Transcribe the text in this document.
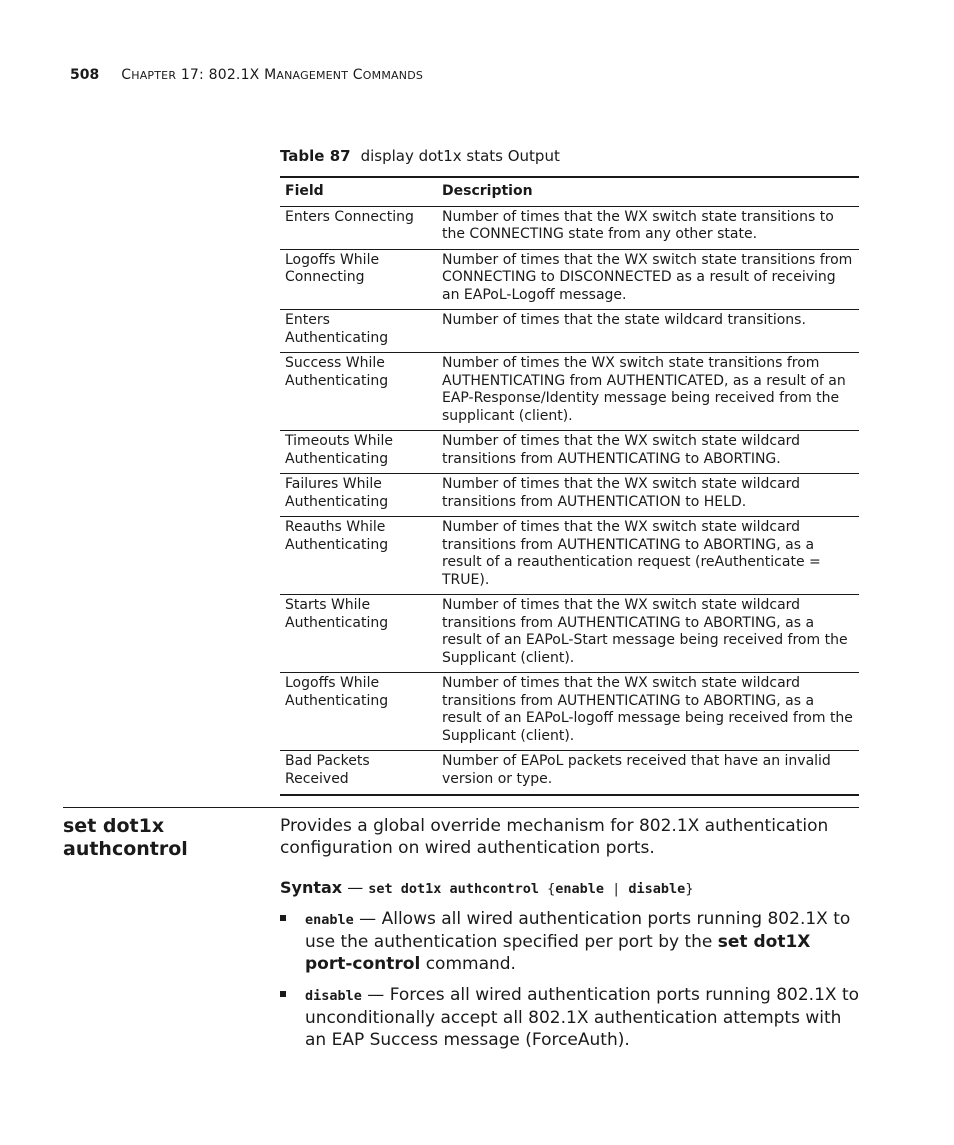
508 CHAPTER 17: 802.1X MANAGEMENT COMMANDS
Table 87 display dot1x stats Output
Field	Description
Enters Connecting	Number of times that the WX switch state transitions to the CONNECTING state from any other state.
Logoffs While Connecting	Number of times that the WX switch state transitions from CONNECTING to DISCONNECTED as a result of receiving an EAPoL-Logoff message.
Enters Authenticating	Number of times that the state wildcard transitions.
Success While Authenticating	Number of times the WX switch state transitions from AUTHENTICATING from AUTHENTICATED, as a result of an EAP-Response/Identity message being received from the supplicant (client).
Timeouts While Authenticating	Number of times that the WX switch state wildcard transitions from AUTHENTICATING to ABORTING.
Failures While Authenticating	Number of times that the WX switch state wildcard transitions from AUTHENTICATION to HELD.
Reauths While Authenticating	Number of times that the WX switch state wildcard transitions from AUTHENTICATING to ABORTING, as a result of a reauthentication request (reAuthenticate = TRUE).
Starts While Authenticating	Number of times that the WX switch state wildcard transitions from AUTHENTICATING to ABORTING, as a result of an EAPoL-Start message being received from the Supplicant (client).
Logoffs While Authenticating	Number of times that the WX switch state wildcard transitions from AUTHENTICATING to ABORTING, as a result of an EAPoL-logoff message being received from the Supplicant (client).
Bad Packets Received	Number of EAPoL packets received that have an invalid version or type.
set dot1x
authcontrol

Provides a global override mechanism for 802.1X authentication configuration on wired authentication ports.

Syntax — set dot1x authcontrol {enable | disable}

enable — Allows all wired authentication ports running 802.1X to use the authentication specified per port by the set dot1X port-control command.
disable — Forces all wired authentication ports running 802.1X to unconditionally accept all 802.1X authentication attempts with an EAP Success message (ForceAuth).
